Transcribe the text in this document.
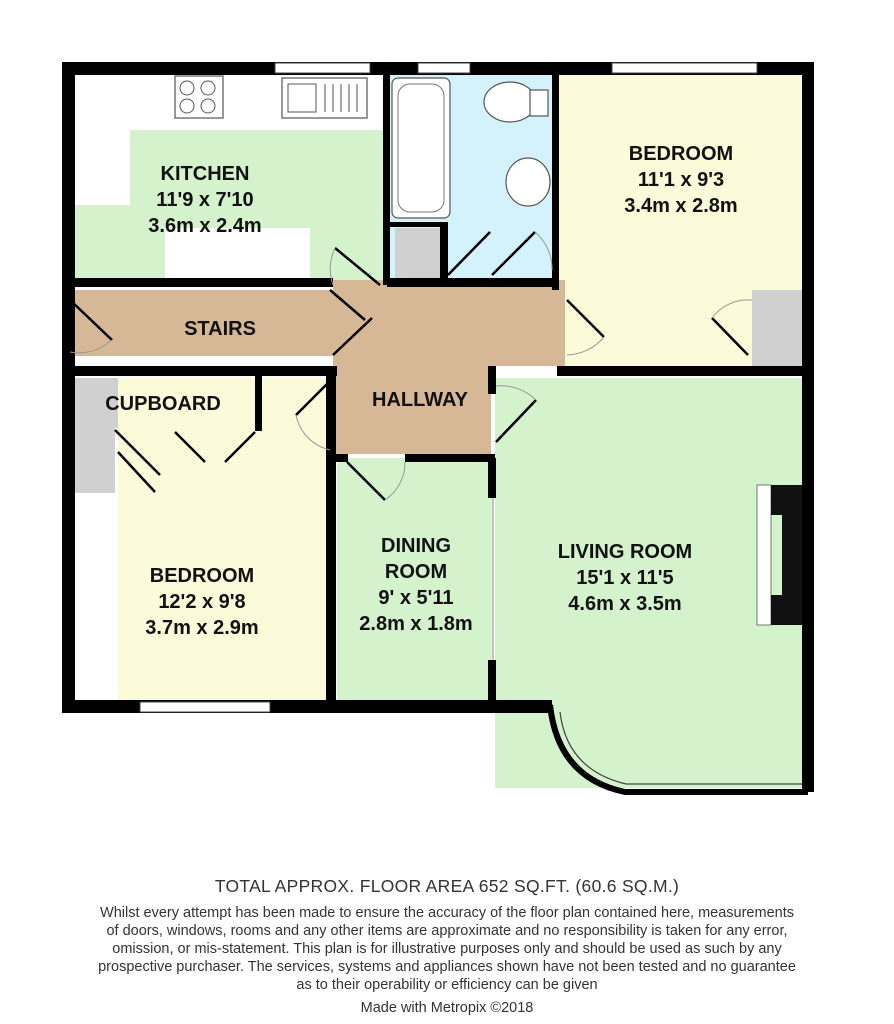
KITCHEN
11'9 x 7'10
3.6m x 2.4m
BEDROOM
11'1 x 9'3
3.4m x 2.8m
STAIRS
HALLWAY
CUPBOARD
BEDROOM
12'2 x 9'8
3.7m x 2.9m
DINING
ROOM
9' x 5'11
2.8m x 1.8m
LIVING ROOM
15'1 x 11'5
4.6m x 3.5m
TOTAL APPROX. FLOOR AREA 652 SQ.FT. (60.6 SQ.M.)
Whilst every attempt has been made to ensure the accuracy of the floor plan contained here, measurements
of doors, windows, rooms and any other items are approximate and no responsibility is taken for any error,
omission, or mis-statement. This plan is for illustrative purposes only and should be used as such by any
prospective purchaser. The services, systems and appliances shown have not been tested and no guarantee
as to their operability or efficiency can be given
Made with Metropix ©2018
